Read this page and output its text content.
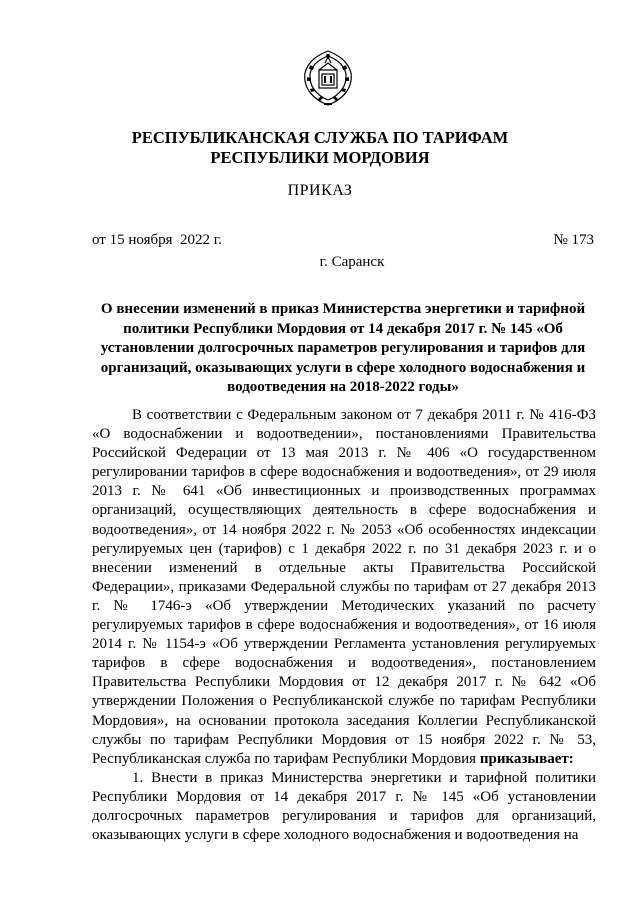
РЕСПУБЛИКАНСКАЯ СЛУЖБА ПО ТАРИФАМ
РЕСПУБЛИКИ МОРДОВИЯ
ПРИКАЗ
от 15 ноября  2022 г.	№ 173
г. Саранск
О внесении изменений в приказ Министерства энергетики и тарифной политики Республики Мордовия от 14 декабря 2017 г. № 145 «Об установлении долгосрочных параметров регулирования и тарифов для организаций, оказывающих услуги в сфере холодного водоснабжения и водоотведения на 2018-2022 годы»

В соответствии с Федеральным законом от 7 декабря 2011 г. № 416-ФЗ «О водоснабжении и водоотведении», постановлениями Правительства Российской Федерации от 13 мая 2013 г. № 406 «О государственном регулировании тарифов в сфере водоснабжения и водоотведения», от 29 июля 2013 г. № 641 «Об инвестиционных и производственных программах организаций, осуществляющих деятельность в сфере водоснабжения и водоотведения», от 14 ноября 2022 г. № 2053 «Об особенностях индексации регулируемых цен (тарифов) с 1 декабря 2022 г. по 31 декабря 2023 г. и о внесении изменений в отдельные акты Правительства Российской Федерации», приказами Федеральной службы по тарифам от 27 декабря 2013 г. № 1746-э «Об утверждении Методических указаний по расчету регулируемых тарифов в сфере водоснабжения и водоотведения», от 16 июля 2014 г. № 1154-э «Об утверждении Регламента установления регулируемых тарифов в сфере водоснабжения и водоотведения», постановлением Правительства Республики Мордовия от 12 декабря 2017 г. № 642 «Об утверждении Положения о Республиканской службе по тарифам Республики Мордовия», на основании протокола заседания Коллегии Республиканской службы по тарифам Республики Мордовия от 15 ноября 2022 г. № 53, Республиканская служба по тарифам Республики Мордовия приказывает:

1. Внести в приказ Министерства энергетики и тарифной политики Республики Мордовия от 14 декабря 2017 г. № 145 «Об установлении долгосрочных параметров регулирования и тарифов для организаций, оказывающих услуги в сфере холодного водоснабжения и водоотведения на
